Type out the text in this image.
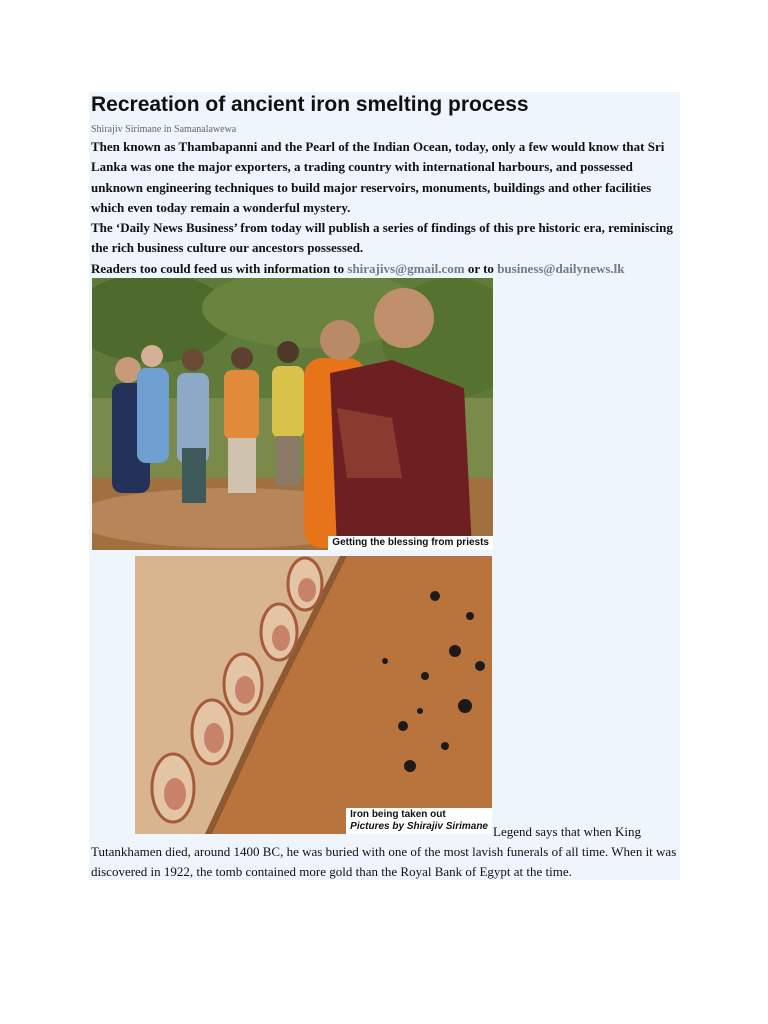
Recreation of ancient iron smelting process
Shirajiv Sirimane in Samanalawewa

Then known as Thambapanni and the Pearl of the Indian Ocean, today, only a few would know that Sri Lanka was one the major exporters, a trading country with international harbours, and possessed unknown engineering techniques to build major reservoirs, monuments, buildings and other facilities which even today remain a wonderful mystery.

The ‘Daily News Business’ from today will publish a series of findings of this pre historic era, reminiscing the rich business culture our ancestors possessed.

Readers too could feed us with information to shirajivs@gmail.com or to business@dailynews.lk

Getting the blessing from priests
Iron being taken out
Pictures by Shirajiv Sirimane Legend says that when King
Tutankhamen died, around 1400 BC, he was buried with one of the most lavish funerals of all time. When it was discovered in 1922, the tomb contained more gold than the Royal Bank of Egypt at the time.
